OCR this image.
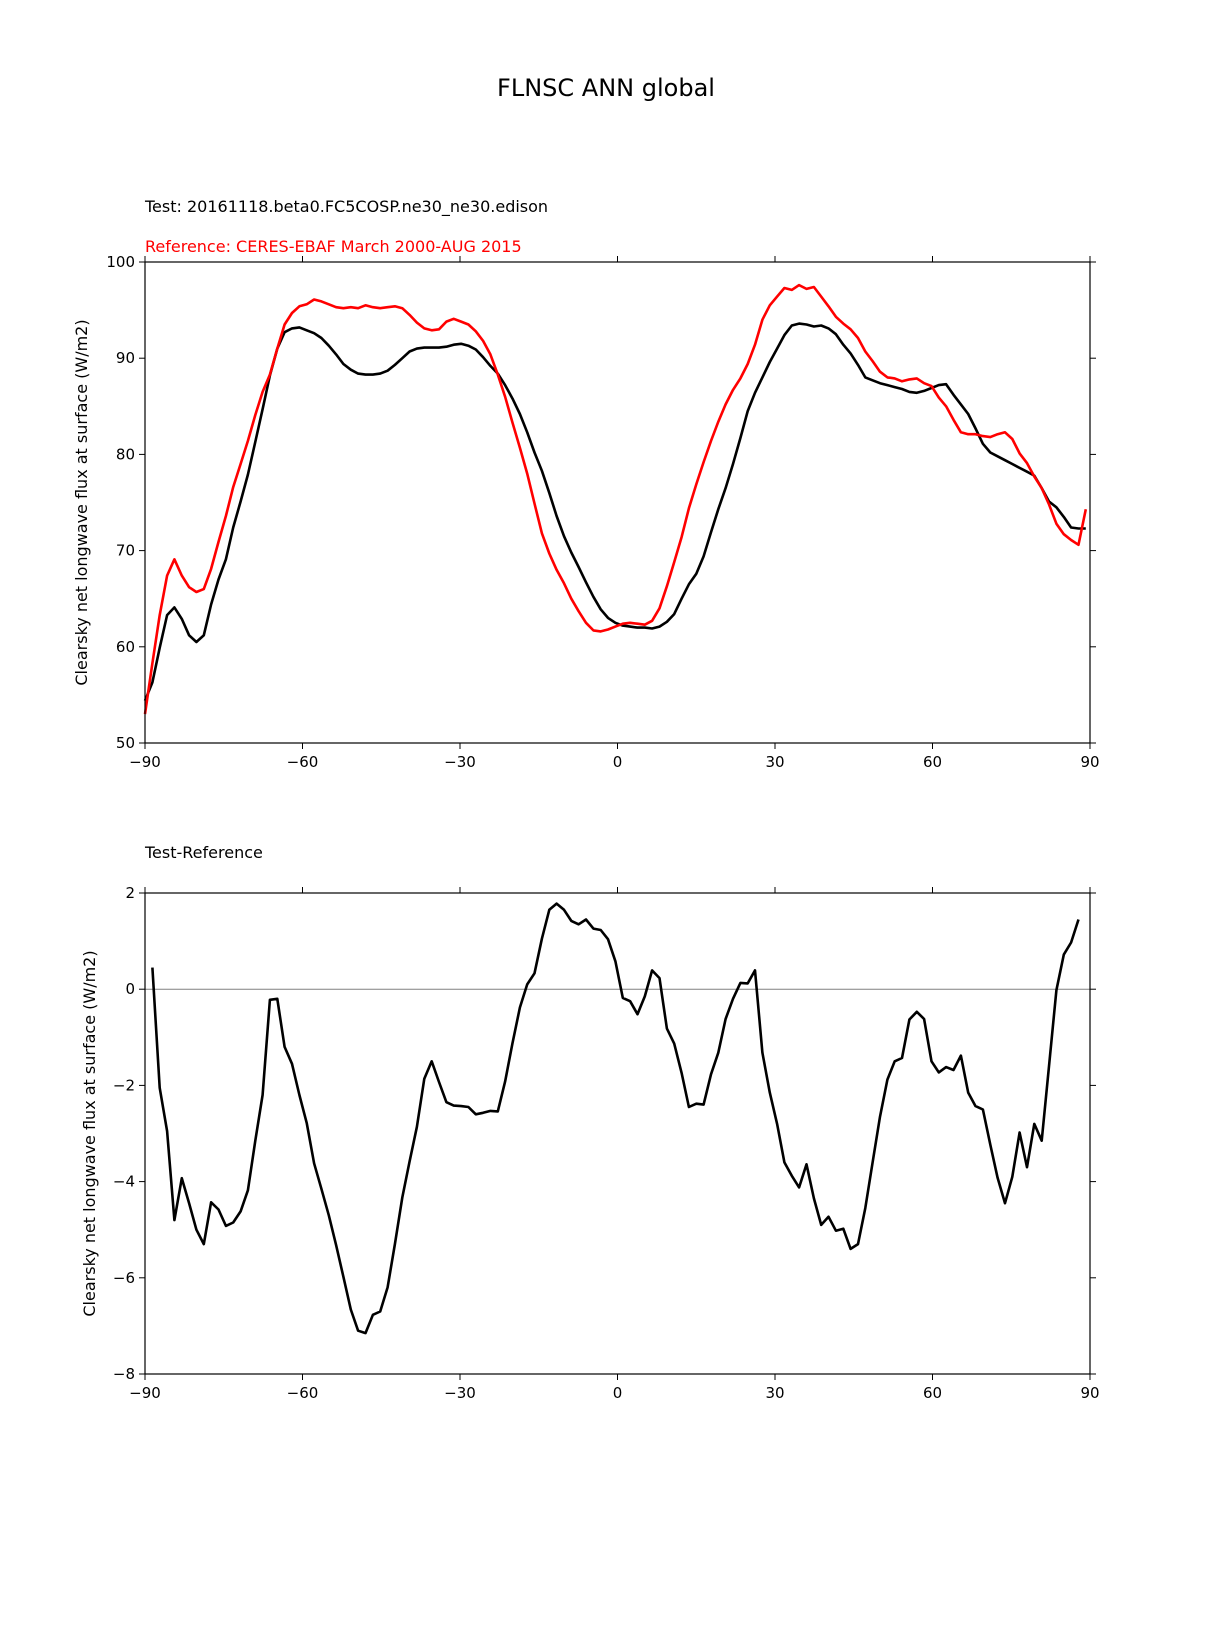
FLNSC ANN global
Test: 20161118.beta0.FC5COSP.ne30_ne30.edison
Reference: CERES-EBAF March 2000-AUG 2015
Test-Reference
−90	−60	−30	0	30	60	90
50
60
70
80
90
100
Clearsky net longwave flux at surface (W/m2)
−90	−60	−30	0	30	60	90
−8
−6
−4
−2
0
2
Clearsky net longwave flux at surface (W/m2)
